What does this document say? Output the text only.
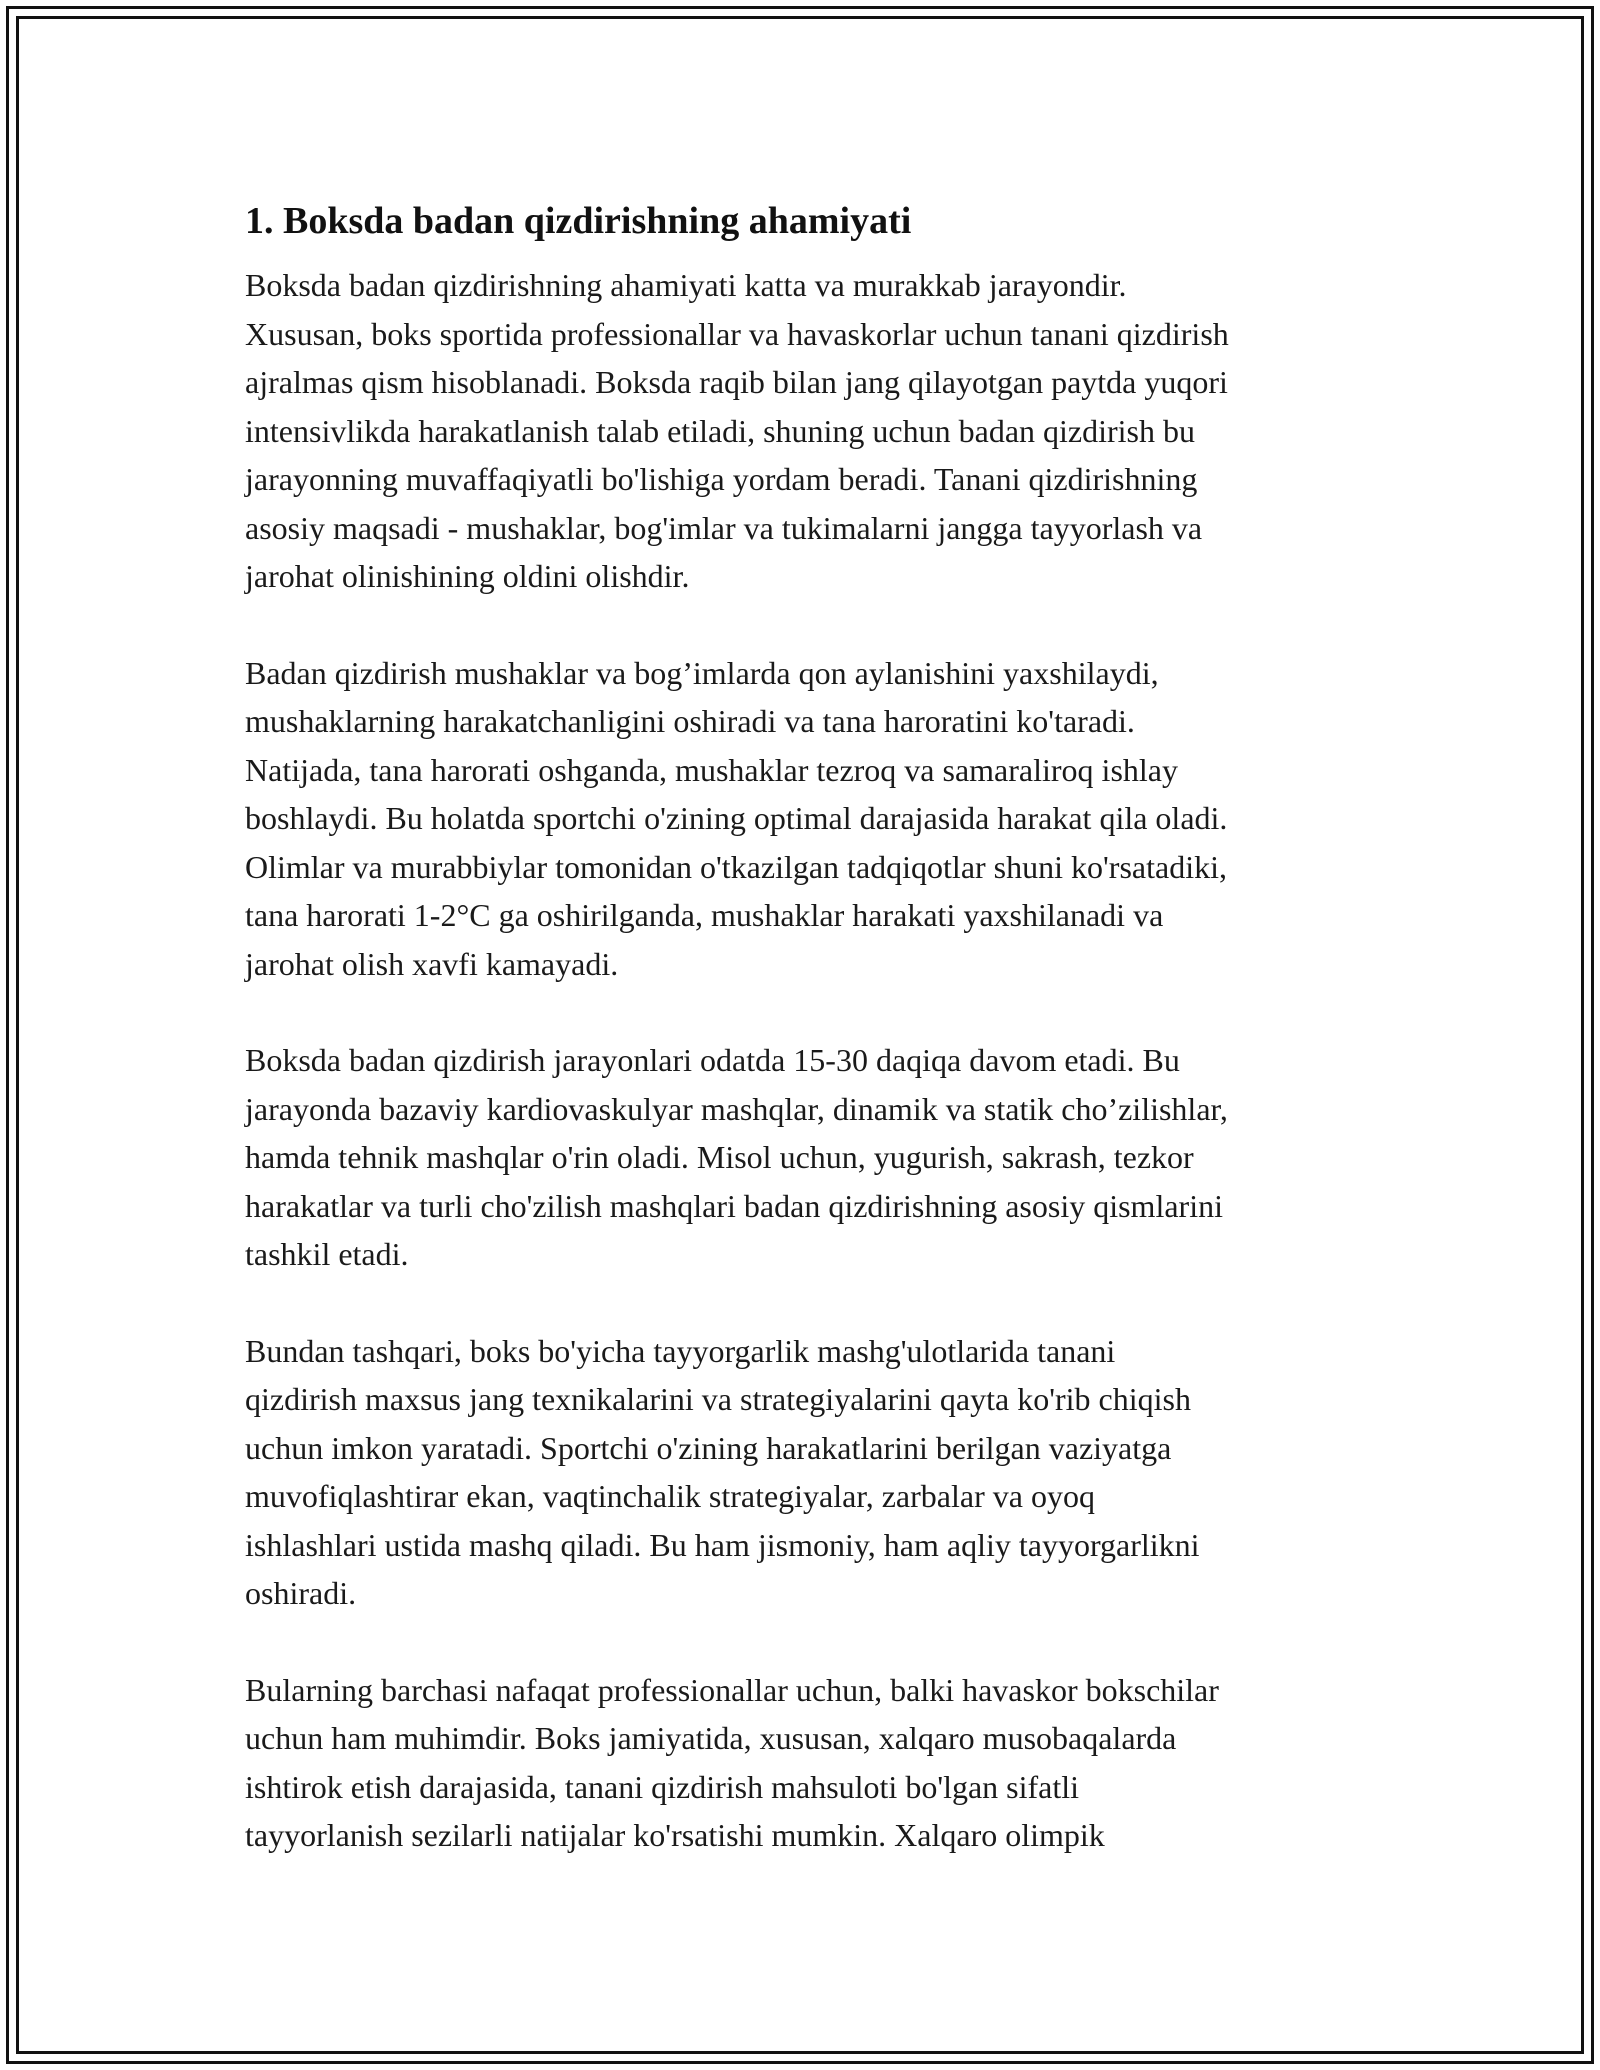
1. Boksda badan qizdirishning ahamiyati

Boksda badan qizdirishning ahamiyati katta va murakkab jarayondir.
Xususan, boks sportida professionallar va havaskorlar uchun tanani qizdirish
ajralmas qism hisoblanadi. Boksda raqib bilan jang qilayotgan paytda yuqori
intensivlikda harakatlanish talab etiladi, shuning uchun badan qizdirish bu
jarayonning muvaffaqiyatli bo'lishiga yordam beradi. Tanani qizdirishning
asosiy maqsadi - mushaklar, bog'imlar va tukimalarni jangga tayyorlash va
jarohat olinishining oldini olishdir.

Badan qizdirish mushaklar va bog’imlarda qon aylanishini yaxshilaydi,
mushaklarning harakatchanligini oshiradi va tana haroratini ko'taradi.
Natijada, tana harorati oshganda, mushaklar tezroq va samaraliroq ishlay
boshlaydi. Bu holatda sportchi o'zining optimal darajasida harakat qila oladi.
Olimlar va murabbiylar tomonidan o'tkazilgan tadqiqotlar shuni ko'rsatadiki,
tana harorati 1-2°C ga oshirilganda, mushaklar harakati yaxshilanadi va
jarohat olish xavfi kamayadi.

Boksda badan qizdirish jarayonlari odatda 15-30 daqiqa davom etadi. Bu
jarayonda bazaviy kardiovaskulyar mashqlar, dinamik va statik cho’zilishlar,
hamda tehnik mashqlar o'rin oladi. Misol uchun, yugurish, sakrash, tezkor
harakatlar va turli cho'zilish mashqlari badan qizdirishning asosiy qismlarini
tashkil etadi.

Bundan tashqari, boks bo'yicha tayyorgarlik mashg'ulotlarida tanani
qizdirish maxsus jang texnikalarini va strategiyalarini qayta ko'rib chiqish
uchun imkon yaratadi. Sportchi o'zining harakatlarini berilgan vaziyatga
muvofiqlashtirar ekan, vaqtinchalik strategiyalar, zarbalar va oyoq
ishlashlari ustida mashq qiladi. Bu ham jismoniy, ham aqliy tayyorgarlikni
oshiradi.

Bularning barchasi nafaqat professionallar uchun, balki havaskor bokschilar
uchun ham muhimdir. Boks jamiyatida, xususan, xalqaro musobaqalarda
ishtirok etish darajasida, tanani qizdirish mahsuloti bo'lgan sifatli
tayyorlanish sezilarli natijalar ko'rsatishi mumkin. Xalqaro olimpik
